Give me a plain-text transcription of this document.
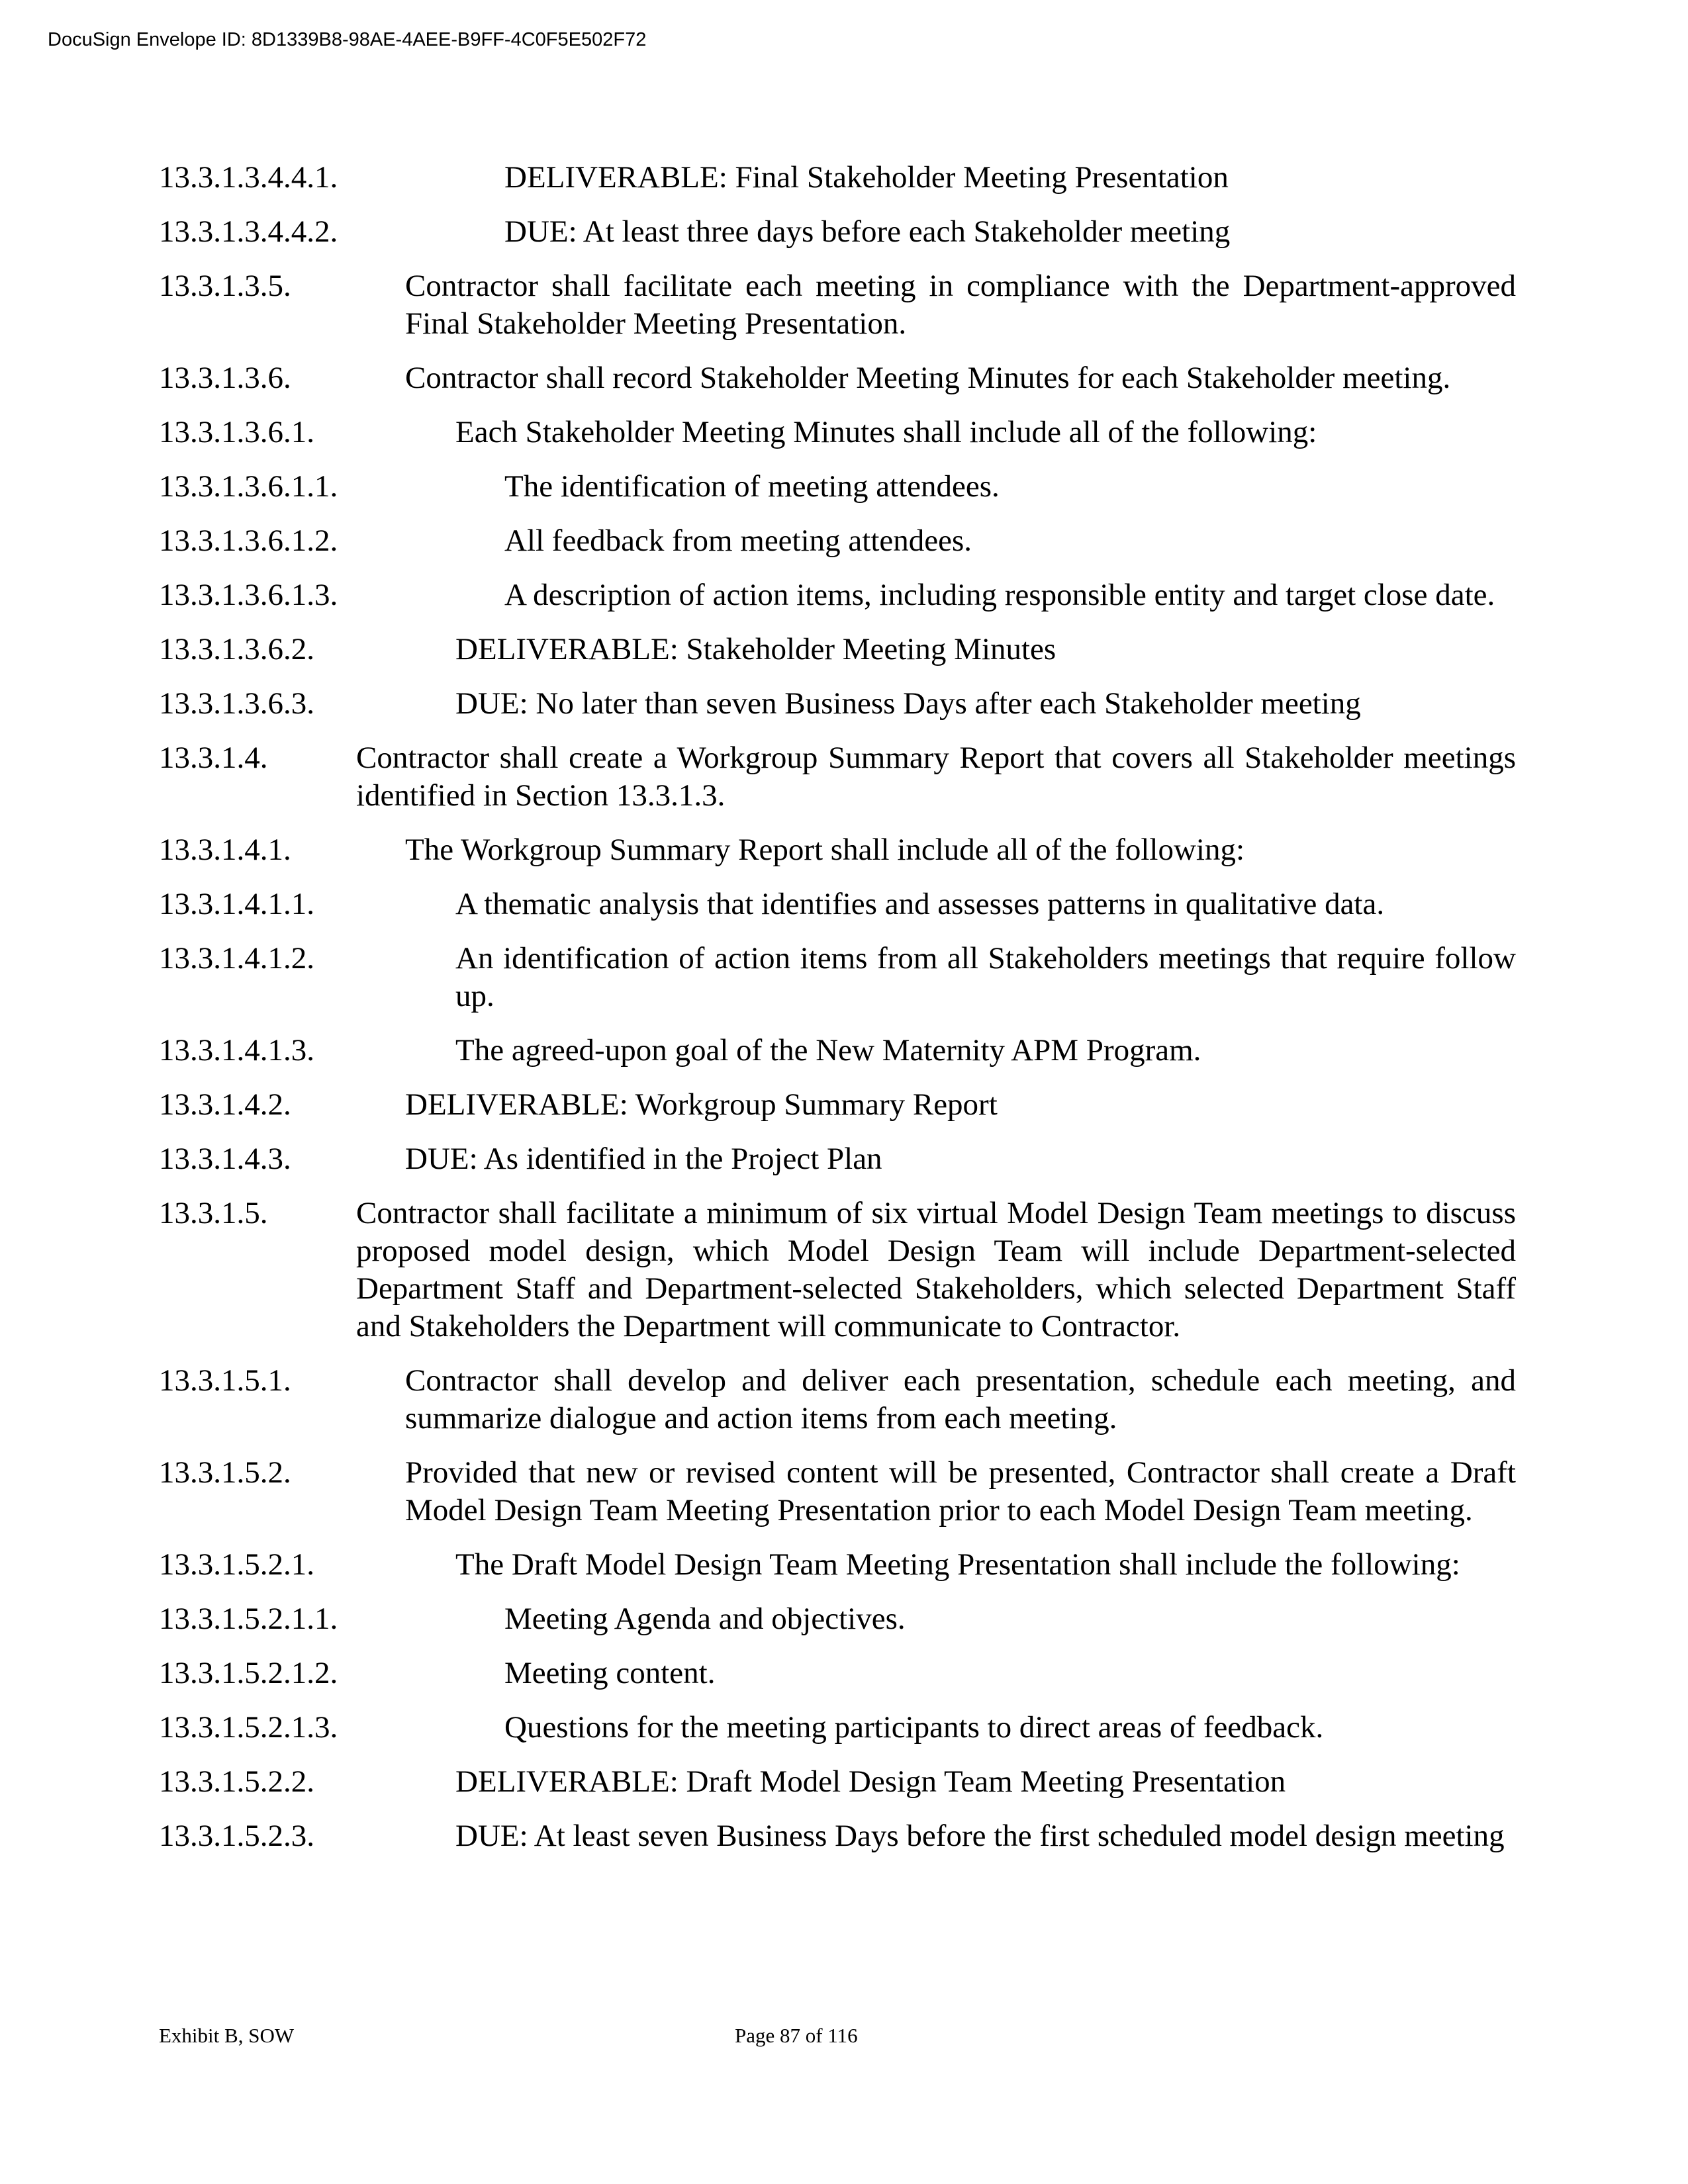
DocuSign Envelope ID: 8D1339B8-98AE-4AEE-B9FF-4C0F5E502F72
13.3.1.3.4.4.1.	DELIVERABLE: Final Stakeholder Meeting Presentation
13.3.1.3.4.4.2.	DUE: At least three days before each Stakeholder meeting
13.3.1.3.5.	Contractor shall facilitate each meeting in compliance with the Department-approved Final Stakeholder Meeting Presentation.
13.3.1.3.6.	Contractor shall record Stakeholder Meeting Minutes for each Stakeholder meeting.
13.3.1.3.6.1.	Each Stakeholder Meeting Minutes shall include all of the following:
13.3.1.3.6.1.1.	The identification of meeting attendees.
13.3.1.3.6.1.2.	All feedback from meeting attendees.
13.3.1.3.6.1.3.	A description of action items, including responsible entity and target close date.
13.3.1.3.6.2.	DELIVERABLE: Stakeholder Meeting Minutes
13.3.1.3.6.3.	DUE: No later than seven Business Days after each Stakeholder meeting
13.3.1.4.	Contractor shall create a Workgroup Summary Report that covers all Stakeholder meetings identified in Section 13.3.1.3.
13.3.1.4.1.	The Workgroup Summary Report shall include all of the following:
13.3.1.4.1.1.	A thematic analysis that identifies and assesses patterns in qualitative data.
13.3.1.4.1.2.	An identification of action items from all Stakeholders meetings that require follow up.
13.3.1.4.1.3.	The agreed-upon goal of the New Maternity APM Program.
13.3.1.4.2.	DELIVERABLE: Workgroup Summary Report
13.3.1.4.3.	DUE: As identified in the Project Plan
13.3.1.5.	Contractor shall facilitate a minimum of six virtual Model Design Team meetings to discuss proposed model design, which Model Design Team will include Department-selected Department Staff and Department-selected Stakeholders, which selected Department Staff and Stakeholders the Department will communicate to Contractor.
13.3.1.5.1.	Contractor shall develop and deliver each presentation, schedule each meeting, and summarize dialogue and action items from each meeting.
13.3.1.5.2.	Provided that new or revised content will be presented, Contractor shall create a Draft Model Design Team Meeting Presentation prior to each Model Design Team meeting.
13.3.1.5.2.1.	The Draft Model Design Team Meeting Presentation shall include the following:
13.3.1.5.2.1.1.	Meeting Agenda and objectives.
13.3.1.5.2.1.2.	Meeting content.
13.3.1.5.2.1.3.	Questions for the meeting participants to direct areas of feedback.
13.3.1.5.2.2.	DELIVERABLE: Draft Model Design Team Meeting Presentation
13.3.1.5.2.3.	DUE: At least seven Business Days before the first scheduled model design meeting
Exhibit B, SOW	Page 87 of 116
